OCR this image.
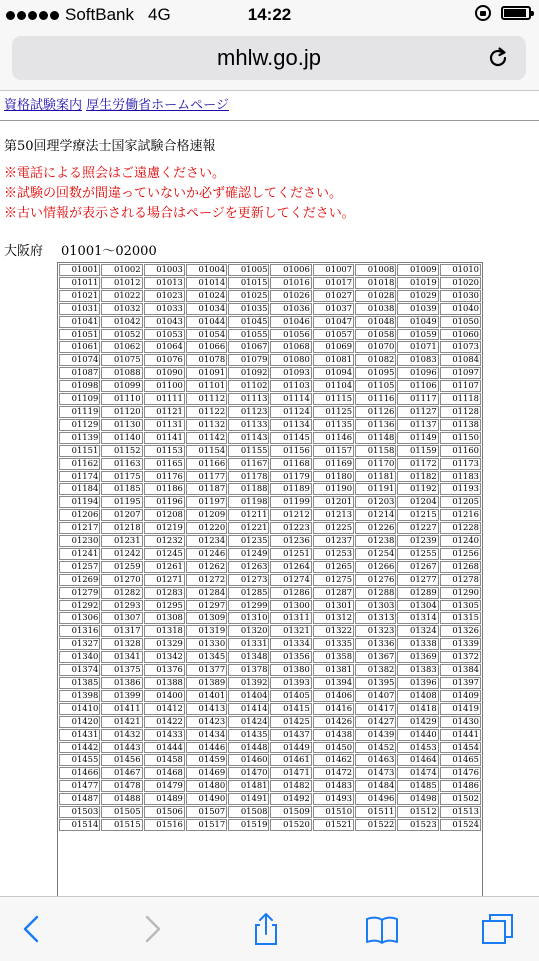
SoftBank 4G	14:22
mhlw.go.jp
資格試験案内 厚生労働省ホームページ
第50回理学療法士国家試験合格速報
※電話による照会はご遠慮ください。
※試験の回数が間違っていないか必ず確認してください。
※古い情報が表示される場合はページを更新してください。
大阪府 01001～02000
01001	01002	01003	01004	01005	01006	01007	01008	01009	01010
01011	01012	01013	01014	01015	01016	01017	01018	01019	01020
01021	01022	01023	01024	01025	01026	01027	01028	01029	01030
01031	01032	01033	01034	01035	01036	01037	01038	01039	01040
01041	01042	01043	01044	01045	01046	01047	01048	01049	01050
01051	01052	01053	01054	01055	01056	01057	01058	01059	01060
01061	01062	01064	01066	01067	01068	01069	01070	01071	01073
01074	01075	01076	01078	01079	01080	01081	01082	01083	01084
01087	01088	01090	01091	01092	01093	01094	01095	01096	01097
01098	01099	01100	01101	01102	01103	01104	01105	01106	01107
01109	01110	01111	01112	01113	01114	01115	01116	01117	01118
01119	01120	01121	01122	01123	01124	01125	01126	01127	01128
01129	01130	01131	01132	01133	01134	01135	01136	01137	01138
01139	01140	01141	01142	01143	01145	01146	01148	01149	01150
01151	01152	01153	01154	01155	01156	01157	01158	01159	01160
01162	01163	01165	01166	01167	01168	01169	01170	01172	01173
01174	01175	01176	01177	01178	01179	01180	01181	01182	01183
01184	01185	01186	01187	01188	01189	01190	01191	01192	01193
01194	01195	01196	01197	01198	01199	01201	01203	01204	01205
01206	01207	01208	01209	01211	01212	01213	01214	01215	01216
01217	01218	01219	01220	01221	01223	01225	01226	01227	01228
01230	01231	01232	01234	01235	01236	01237	01238	01239	01240
01241	01242	01245	01246	01249	01251	01253	01254	01255	01256
01257	01259	01261	01262	01263	01264	01265	01266	01267	01268
01269	01270	01271	01272	01273	01274	01275	01276	01277	01278
01279	01282	01283	01284	01285	01286	01287	01288	01289	01290
01292	01293	01295	01297	01299	01300	01301	01303	01304	01305
01306	01307	01308	01309	01310	01311	01312	01313	01314	01315
01316	01317	01318	01319	01320	01321	01322	01323	01324	01326
01327	01328	01329	01330	01331	01334	01335	01336	01338	01339
01340	01341	01342	01345	01348	01356	01358	01367	01369	01372
01374	01375	01376	01377	01378	01380	01381	01382	01383	01384
01385	01386	01388	01389	01392	01393	01394	01395	01396	01397
01398	01399	01400	01401	01404	01405	01406	01407	01408	01409
01410	01411	01412	01413	01414	01415	01416	01417	01418	01419
01420	01421	01422	01423	01424	01425	01426	01427	01429	01430
01431	01432	01433	01434	01435	01437	01438	01439	01440	01441
01442	01443	01444	01446	01448	01449	01450	01452	01453	01454
01455	01456	01458	01459	01460	01461	01462	01463	01464	01465
01466	01467	01468	01469	01470	01471	01472	01473	01474	01476
01477	01478	01479	01480	01481	01482	01483	01484	01485	01486
01487	01488	01489	01490	01491	01492	01493	01496	01498	01502
01503	01505	01506	01507	01508	01509	01510	01511	01512	01513
01514	01515	01516	01517	01519	01520	01521	01522	01523	01524
